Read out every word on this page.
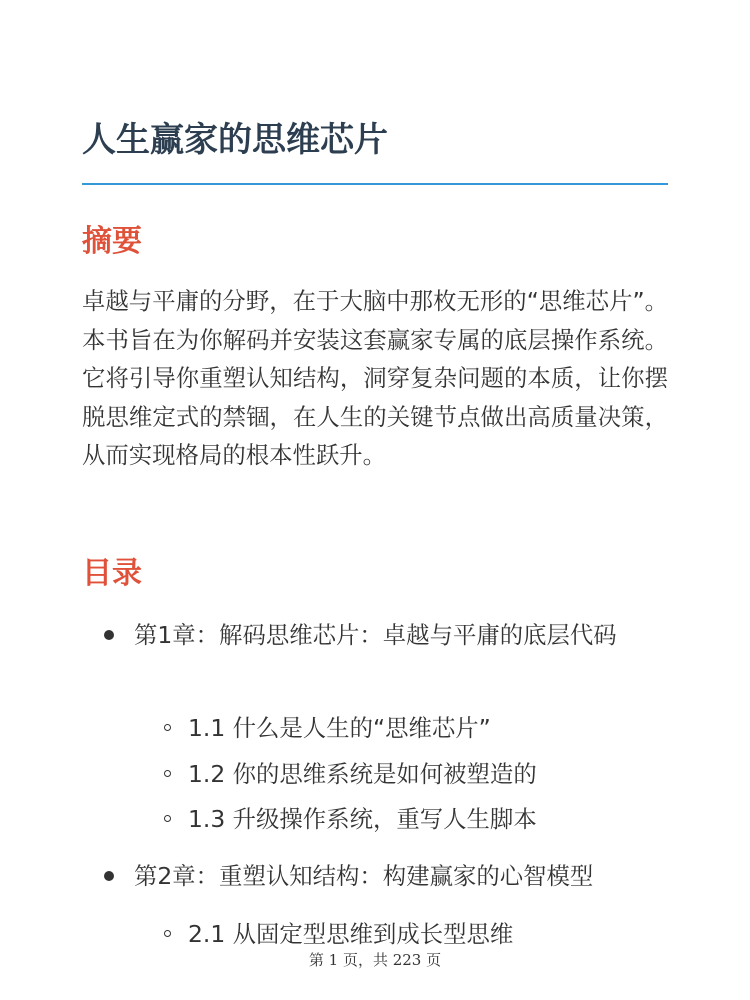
人生赢家的思维芯片
摘要

卓越与平庸的分野，在于大脑中那枚无形的“思维芯片”。本书旨在为你解码并安装这套赢家专属的底层操作系统。它将引导你重塑认知结构，洞穿复杂问题的本质，让你摆脱思维定式的禁锢，在人生的关键节点做出高质量决策，从而实现格局的根本性跃升。

目录
第1章：解码思维芯片：卓越与平庸的底层代码
1.1 什么是人生的“思维芯片”
1.2 你的思维系统是如何被塑造的
1.3 升级操作系统，重写人生脚本
第2章：重塑认知结构：构建赢家的心智模型
2.1 从固定型思维到成长型思维
第 1 页，共 223 页
